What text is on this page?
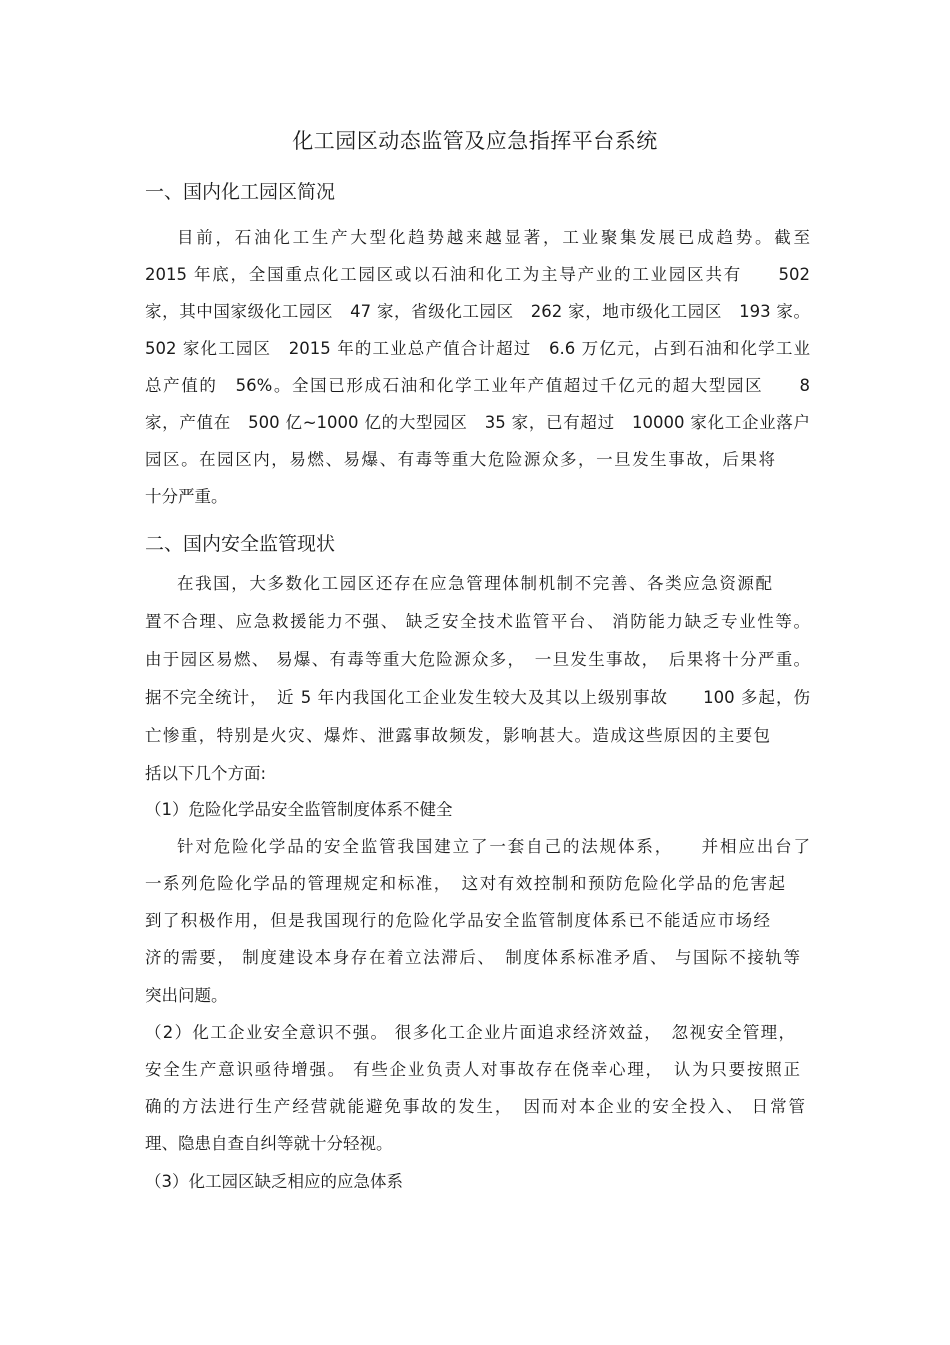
化工园区动态监管及应急指挥平台系统
一、国内化工园区简况
目前，石油化工生产大型化趋势越来越显著，工业聚集发展已成趋势。截至
2015 年底，全国重点化工园区或以石油和化工为主导产业的工业园区共有　　502
家，其中国家级化工园区　47 家，省级化工园区　262 家，地市级化工园区　193 家。
502 家化工园区　2015 年的工业总产值合计超过　6.6 万亿元，占到石油和化学工业
总产值的　56%。全国已形成石油和化学工业年产值超过千亿元的超大型园区　　8
家，产值在　500 亿~1000 亿的大型园区　35 家，已有超过　10000 家化工企业落户
园区。在园区内，易燃、易爆、有毒等重大危险源众多，一旦发生事故，后果将
十分严重。
二、国内安全监管现状
在我国，大多数化工园区还存在应急管理体制机制不完善、各类应急资源配
置不合理、应急救援能力不强、 缺乏安全技术监管平台、 消防能力缺乏专业性等。
由于园区易燃、 易爆、有毒等重大危险源众多，　一旦发生事故，　后果将十分严重。
据不完全统计，　近 5 年内我国化工企业发生较大及其以上级别事故　　100 多起，伤
亡惨重，特别是火灾、爆炸、泄露事故频发，影响甚大。造成这些原因的主要包
括以下几个方面:
（1）危险化学品安全监管制度体系不健全
针对危险化学品的安全监管我国建立了一套自己的法规体系，　　并相应出台了
一系列危险化学品的管理规定和标准，　这对有效控制和预防危险化学品的危害起
到了积极作用，但是我国现行的危险化学品安全监管制度体系已不能适应市场经
济的需要， 制度建设本身存在着立法滞后、　制度体系标准矛盾、 与国际不接轨等
突出问题。
（2）化工企业安全意识不强。 很多化工企业片面追求经济效益，　忽视安全管理，
安全生产意识亟待增强。 有些企业负责人对事故存在侥幸心理，　认为只要按照正
确的方法进行生产经营就能避免事故的发生，　因而对本企业的安全投入、 日常管
理、隐患自查自纠等就十分轻视。
（3）化工园区缺乏相应的应急体系
